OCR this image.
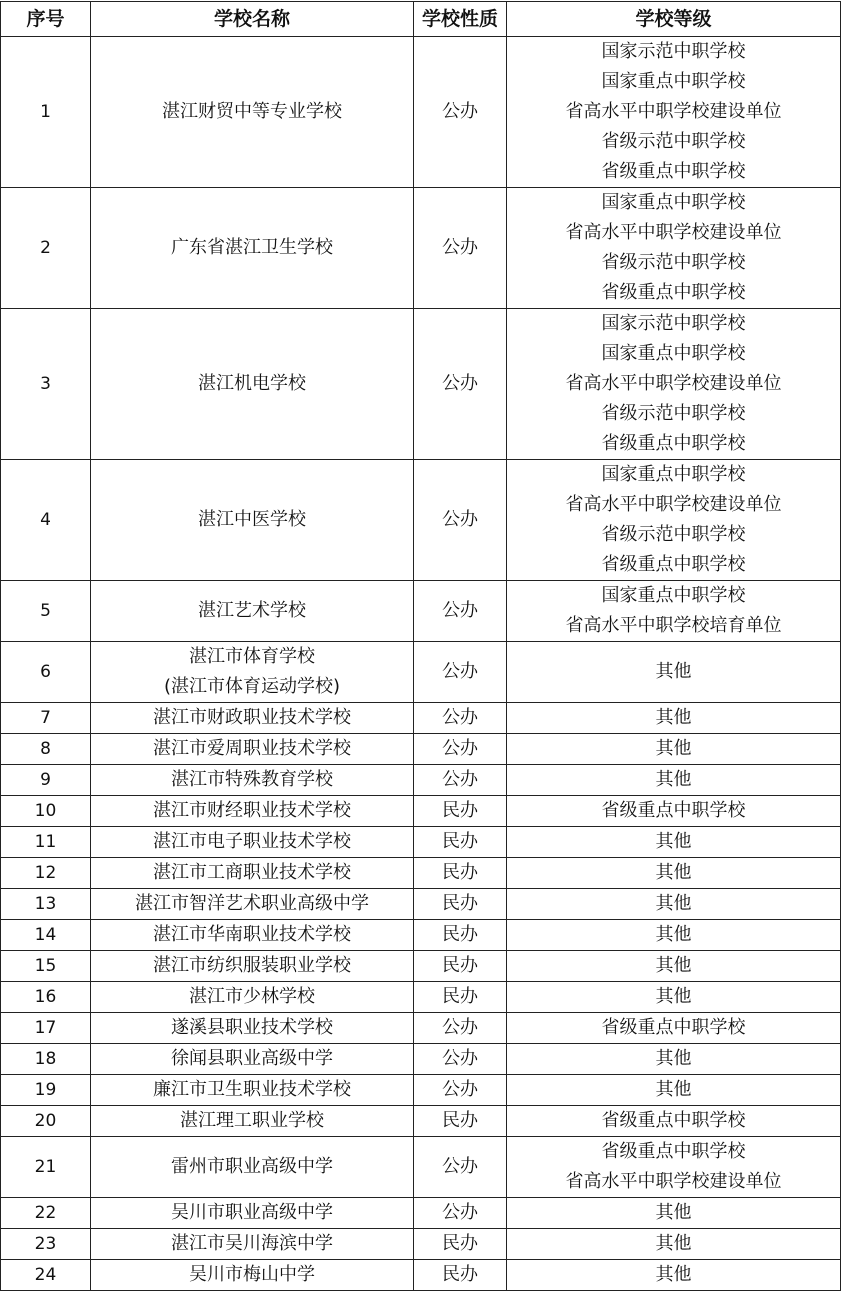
序号	学校名称	学校性质	学校等级
1	湛江财贸中等专业学校	公办	国家示范中职学校
国家重点中职学校
省高水平中职学校建设单位
省级示范中职学校
省级重点中职学校

2	广东省湛江卫生学校	公办	国家重点中职学校
省高水平中职学校建设单位
省级示范中职学校
省级重点中职学校

3	湛江机电学校	公办	国家示范中职学校
国家重点中职学校
省高水平中职学校建设单位
省级示范中职学校
省级重点中职学校

4	湛江中医学校	公办	国家重点中职学校
省高水平中职学校建设单位
省级示范中职学校
省级重点中职学校

5	湛江艺术学校	公办	国家重点中职学校
省高水平中职学校培育单位

6	湛江市体育学校
(湛江市体育运动学校)	公办	其他

7	湛江市财政职业技术学校	公办	其他

8	湛江市爱周职业技术学校	公办	其他

9	湛江市特殊教育学校	公办	其他

10	湛江市财经职业技术学校	民办	省级重点中职学校

11	湛江市电子职业技术学校	民办	其他

12	湛江市工商职业技术学校	民办	其他

13	湛江市智洋艺术职业高级中学	民办	其他

14	湛江市华南职业技术学校	民办	其他

15	湛江市纺织服装职业学校	民办	其他

16	湛江市少林学校	民办	其他

17	遂溪县职业技术学校	公办	省级重点中职学校

18	徐闻县职业高级中学	公办	其他

19	廉江市卫生职业技术学校	公办	其他

20	湛江理工职业学校	民办	省级重点中职学校

21	雷州市职业高级中学	公办	省级重点中职学校
省高水平中职学校建设单位

22	吴川市职业高级中学	公办	其他

23	湛江市吴川海滨中学	民办	其他

24	吴川市梅山中学	民办	其他
